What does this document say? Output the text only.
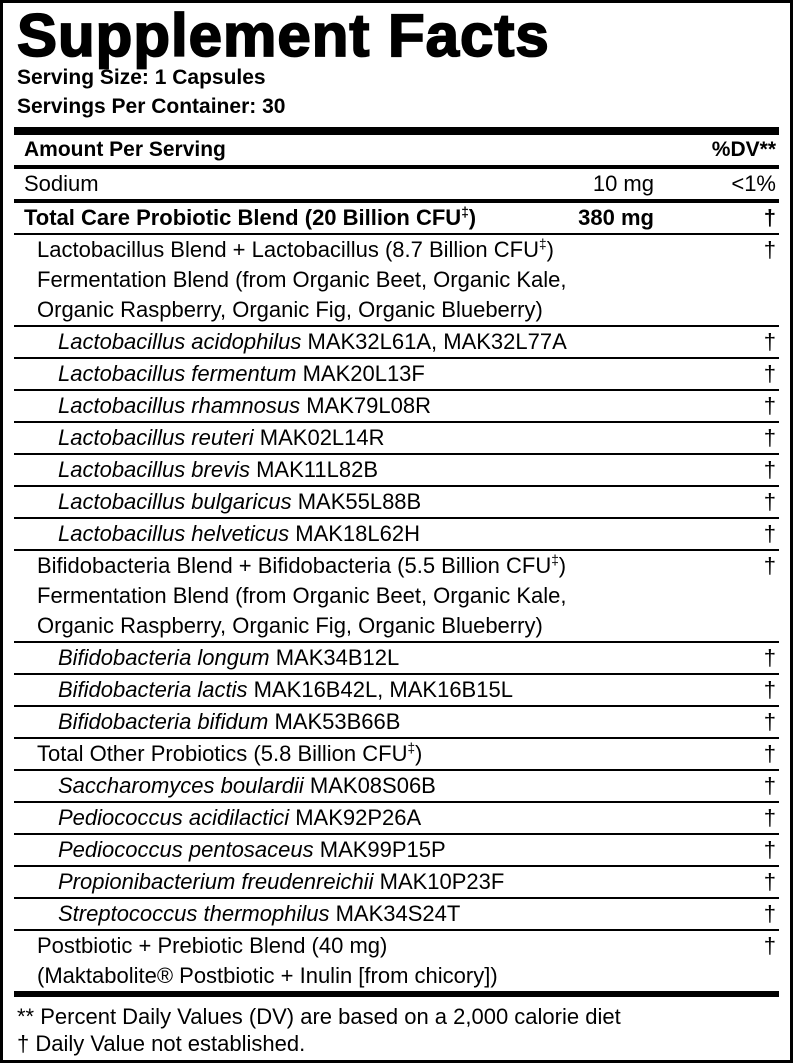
Supplement Facts
Serving Size: 1 Capsules
Servings Per Container: 30
Amount Per Serving	%DV**
Sodium	10 mg	<1%
Total Care Probiotic Blend (20 Billion CFU‡)	380 mg	†
Lactobacillus Blend + Lactobacillus (8.7 Billion CFU‡)	†
Fermentation Blend (from Organic Beet, Organic Kale,
Organic Raspberry, Organic Fig, Organic Blueberry)
Lactobacillus acidophilus MAK32L61A, MAK32L77A	†
Lactobacillus fermentum MAK20L13F	†
Lactobacillus rhamnosus MAK79L08R	†
Lactobacillus reuteri MAK02L14R	†
Lactobacillus brevis MAK11L82B	†
Lactobacillus bulgaricus MAK55L88B	†
Lactobacillus helveticus MAK18L62H	†
Bifidobacteria Blend + Bifidobacteria (5.5 Billion CFU‡)	†
Fermentation Blend (from Organic Beet, Organic Kale,
Organic Raspberry, Organic Fig, Organic Blueberry)
Bifidobacteria longum MAK34B12L	†
Bifidobacteria lactis MAK16B42L, MAK16B15L	†
Bifidobacteria bifidum MAK53B66B	†
Total Other Probiotics (5.8 Billion CFU‡)	†
Saccharomyces boulardii MAK08S06B	†
Pediococcus acidilactici MAK92P26A	†
Pediococcus pentosaceus MAK99P15P	†
Propionibacterium freudenreichii MAK10P23F	†
Streptococcus thermophilus MAK34S24T	†
Postbiotic + Prebiotic Blend (40 mg)	†
(Maktabolite® Postbiotic + Inulin [from chicory])
** Percent Daily Values (DV) are based on a 2,000 calorie diet
† Daily Value not established.
